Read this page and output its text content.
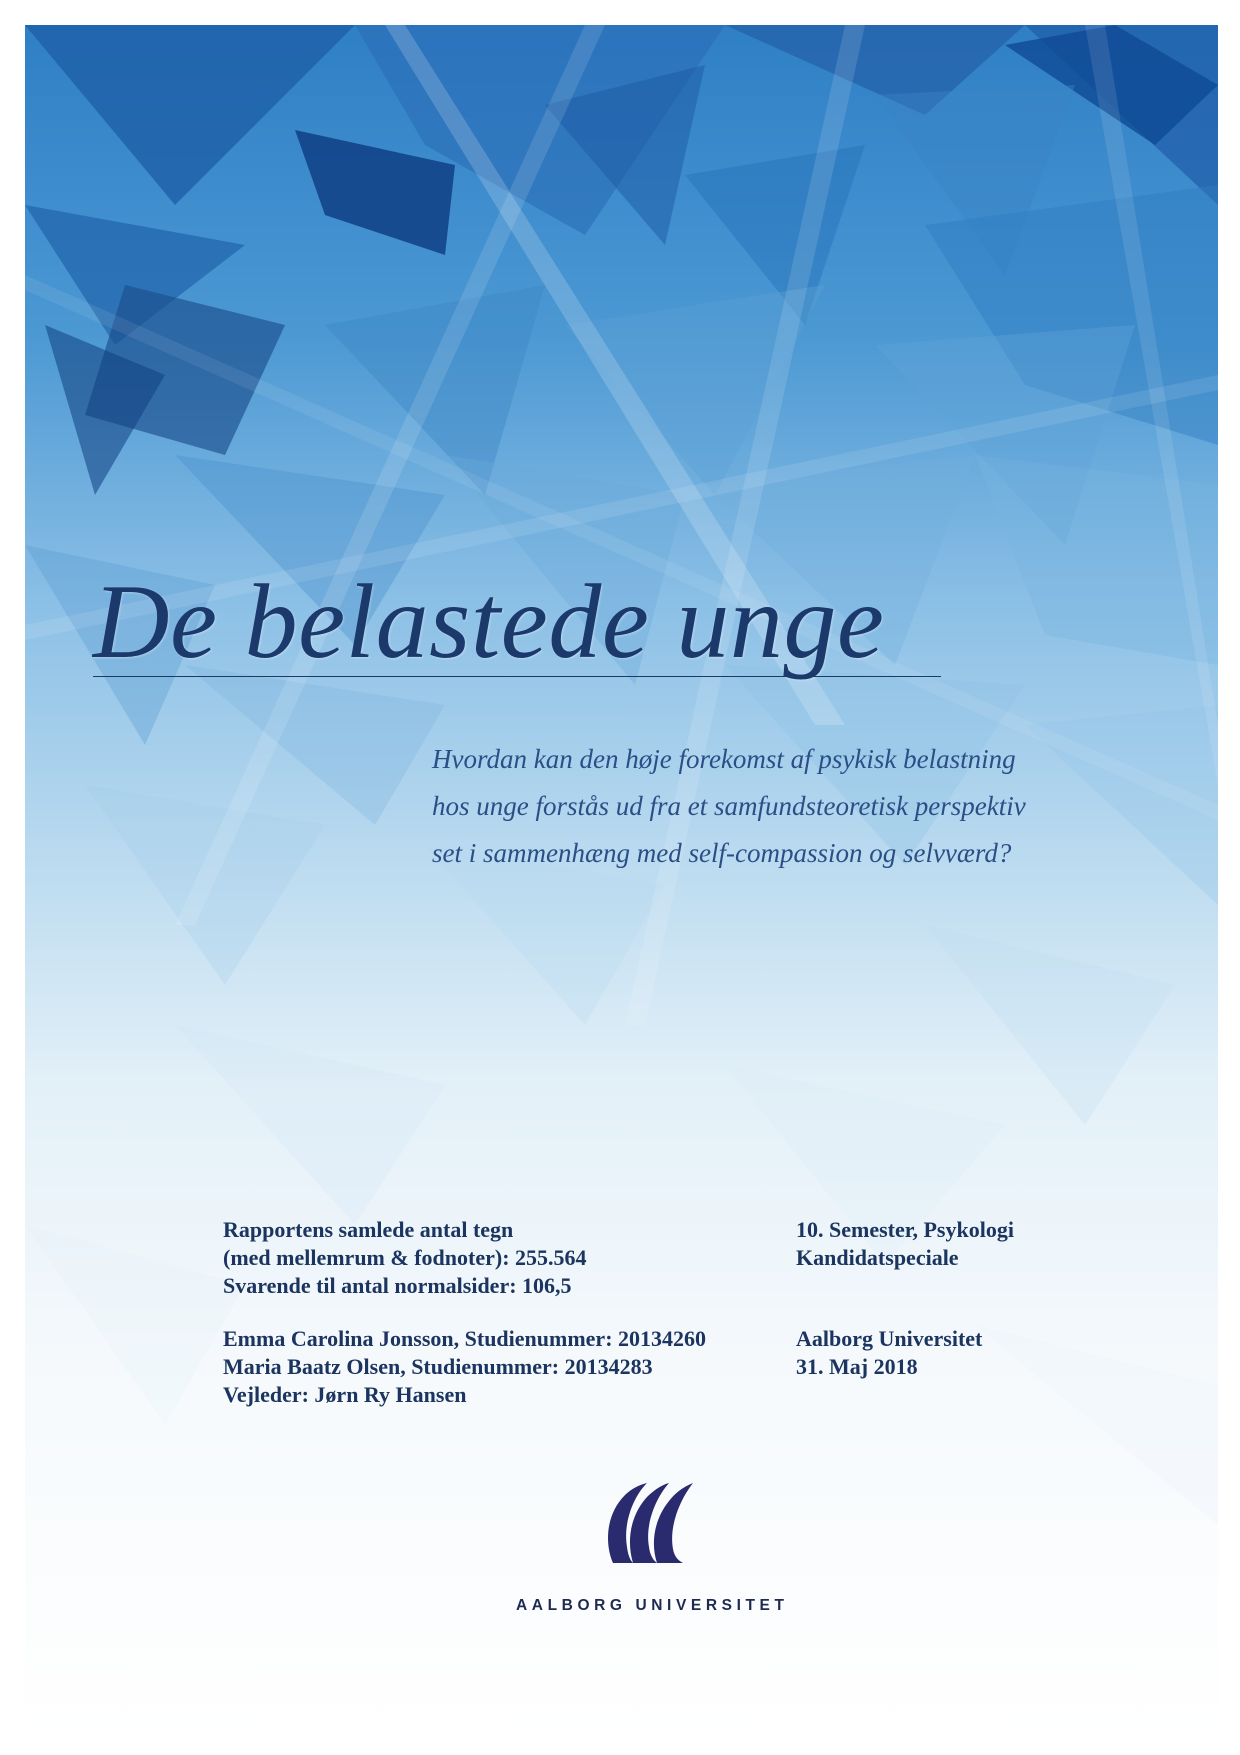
De belastede unge
Hvordan kan den høje forekomst af psykisk belastning
hos unge forstås ud fra et samfundsteoretisk perspektiv
set i sammenhæng med self-compassion og selvværd?
Rapportens samlede antal tegn
(med mellemrum & fodnoter): 255.564
Svarende til antal normalsider: 106,5
Emma Carolina Jonsson, Studienummer: 20134260
Maria Baatz Olsen, Studienummer: 20134283
Vejleder: Jørn Ry Hansen
10. Semester, Psykologi
Kandidatspeciale
Aalborg Universitet
31. Maj 2018
AALBORG UNIVERSITET
